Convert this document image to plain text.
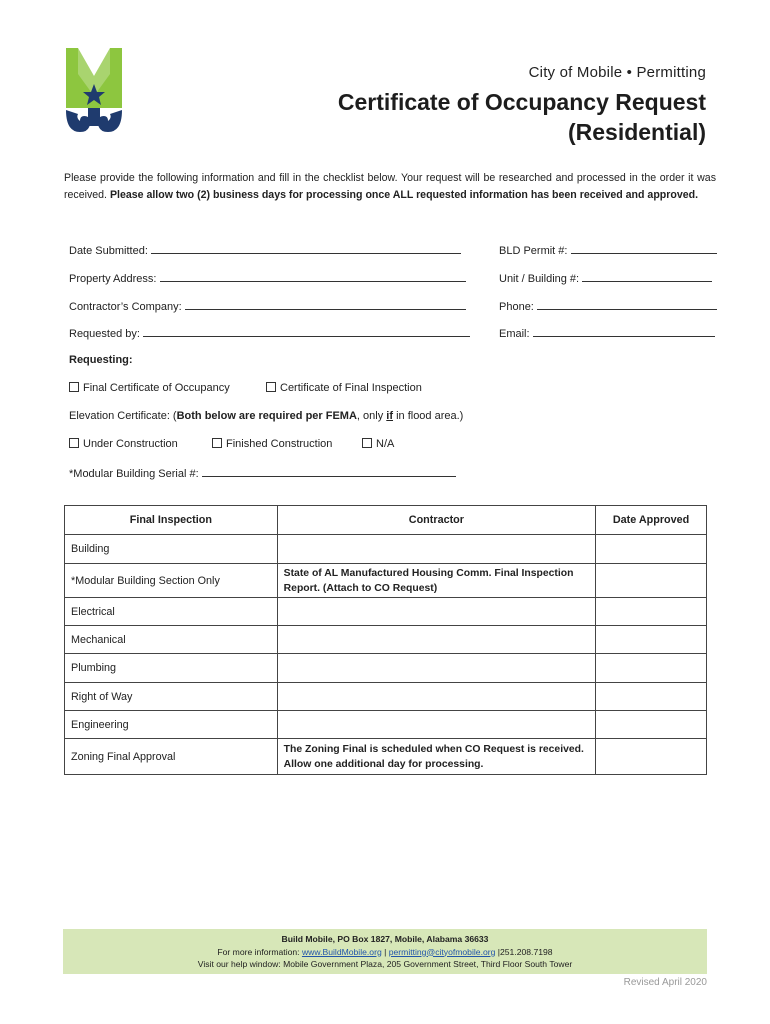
City of Mobile • Permitting
Certificate of Occupancy Request
(Residential)
Please provide the following information and fill in the checklist below. Your request will be researched and processed in the order it was received. Please allow two (2) business days for processing once ALL requested information has been received and approved.
Date Submitted:	BLD Permit #:
Property Address:	Unit / Building #:
Contractor’s Company:	Phone:
Requested by:	Email:
Requesting:
Final Certificate of Occupancy	Certificate of Final Inspection
Elevation Certificate: (Both below are required per FEMA, only if in flood area.)
Under Construction	Finished Construction	N/A
*Modular Building Serial #:
Final Inspection	Contractor	Date Approved
Building		
*Modular Building Section Only	State of AL Manufactured Housing Comm. Final Inspection Report. (Attach to CO Request)	
Electrical		
Mechanical		
Plumbing		
Right of Way		
Engineering		
Zoning Final Approval	The Zoning Final is scheduled when CO Request is received. Allow one additional day for processing.	
Build Mobile, PO Box 1827, Mobile, Alabama 36633
For more information: www.BuildMobile.org | permitting@cityofmobile.org |251.208.7198
Visit our help window: Mobile Government Plaza, 205 Government Street, Third Floor South Tower
Revised April 2020
